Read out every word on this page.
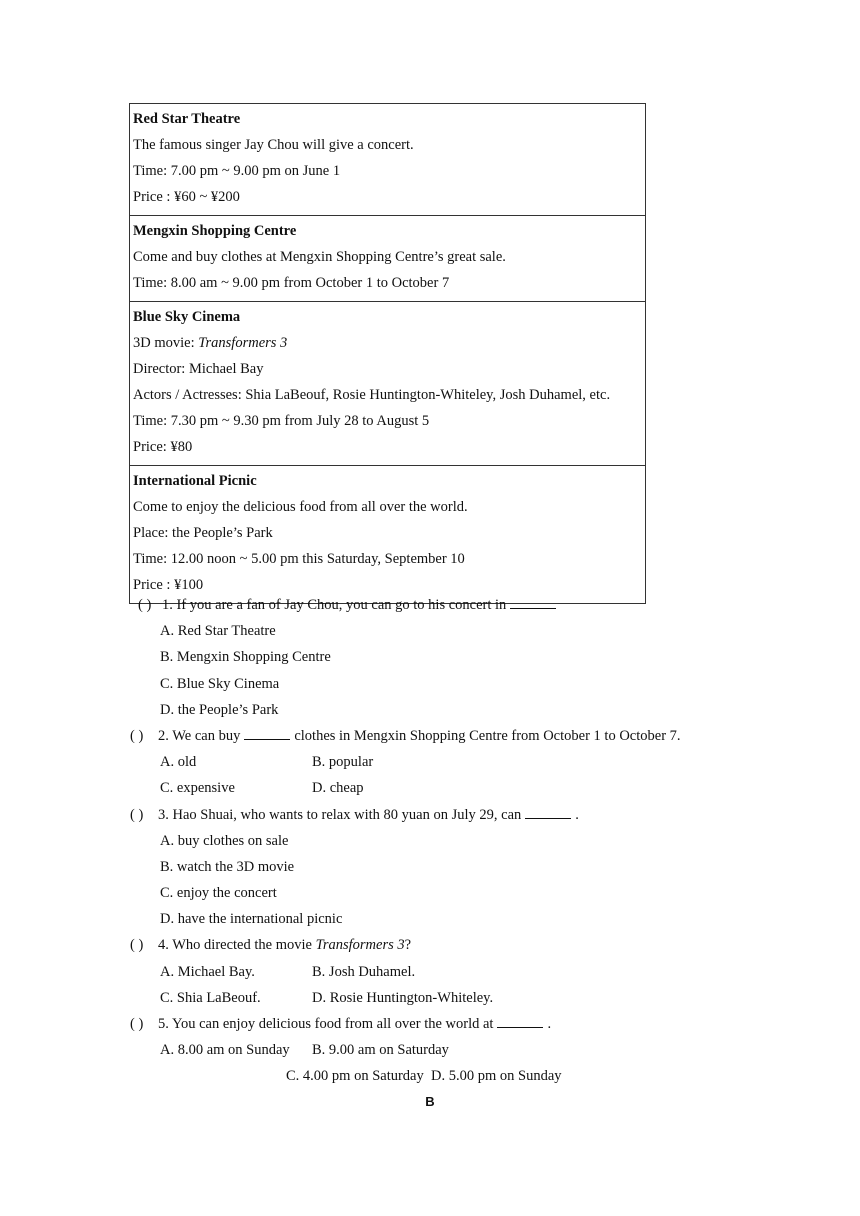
Red Star Theatre
The famous singer Jay Chou will give a concert.
Time: 7.00 pm ~ 9.00 pm on June 1
Price : ¥60 ~ ¥200
Mengxin Shopping Centre
Come and buy clothes at Mengxin Shopping Centre’s great sale.
Time: 8.00 am ~ 9.00 pm from October 1 to October 7
Blue Sky Cinema
3D movie: Transformers 3
Director: Michael Bay
Actors / Actresses: Shia LaBeouf, Rosie Huntington-Whiteley, Josh Duhamel, etc.
Time: 7.30 pm ~ 9.30 pm from July 28 to August 5
Price: ¥80
International Picnic
Come to enjoy the delicious food from all over the world.
Place: the People’s Park
Time: 12.00 noon ~ 5.00 pm this Saturday, September 10
Price : ¥100
( ) 1. If you are a fan of Jay Chou, you can go to his concert in
A. Red Star Theatre
B. Mengxin Shopping Centre
C. Blue Sky Cinema
D. the People’s Park
( ) 2. We can buy	clothes in Mengxin Shopping Centre from October 1 to October 7.
A. old	B. popular
C. expensive	D. cheap
( ) 3. Hao Shuai, who wants to relax with 80 yuan on July 29, can	.
A. buy clothes on sale
B. watch the 3D movie
C. enjoy the concert
D. have the international picnic
( ) 4. Who directed the movie Transformers 3?
A. Michael Bay.	B. Josh Duhamel.
C. Shia LaBeouf.	D. Rosie Huntington-Whiteley.
( ) 5. You can enjoy delicious food from all over the world at	.
A. 8.00 am on Sunday B. 9.00 am on Saturday
C. 4.00 pm on Saturday D. 5.00 pm on Sunday
B
